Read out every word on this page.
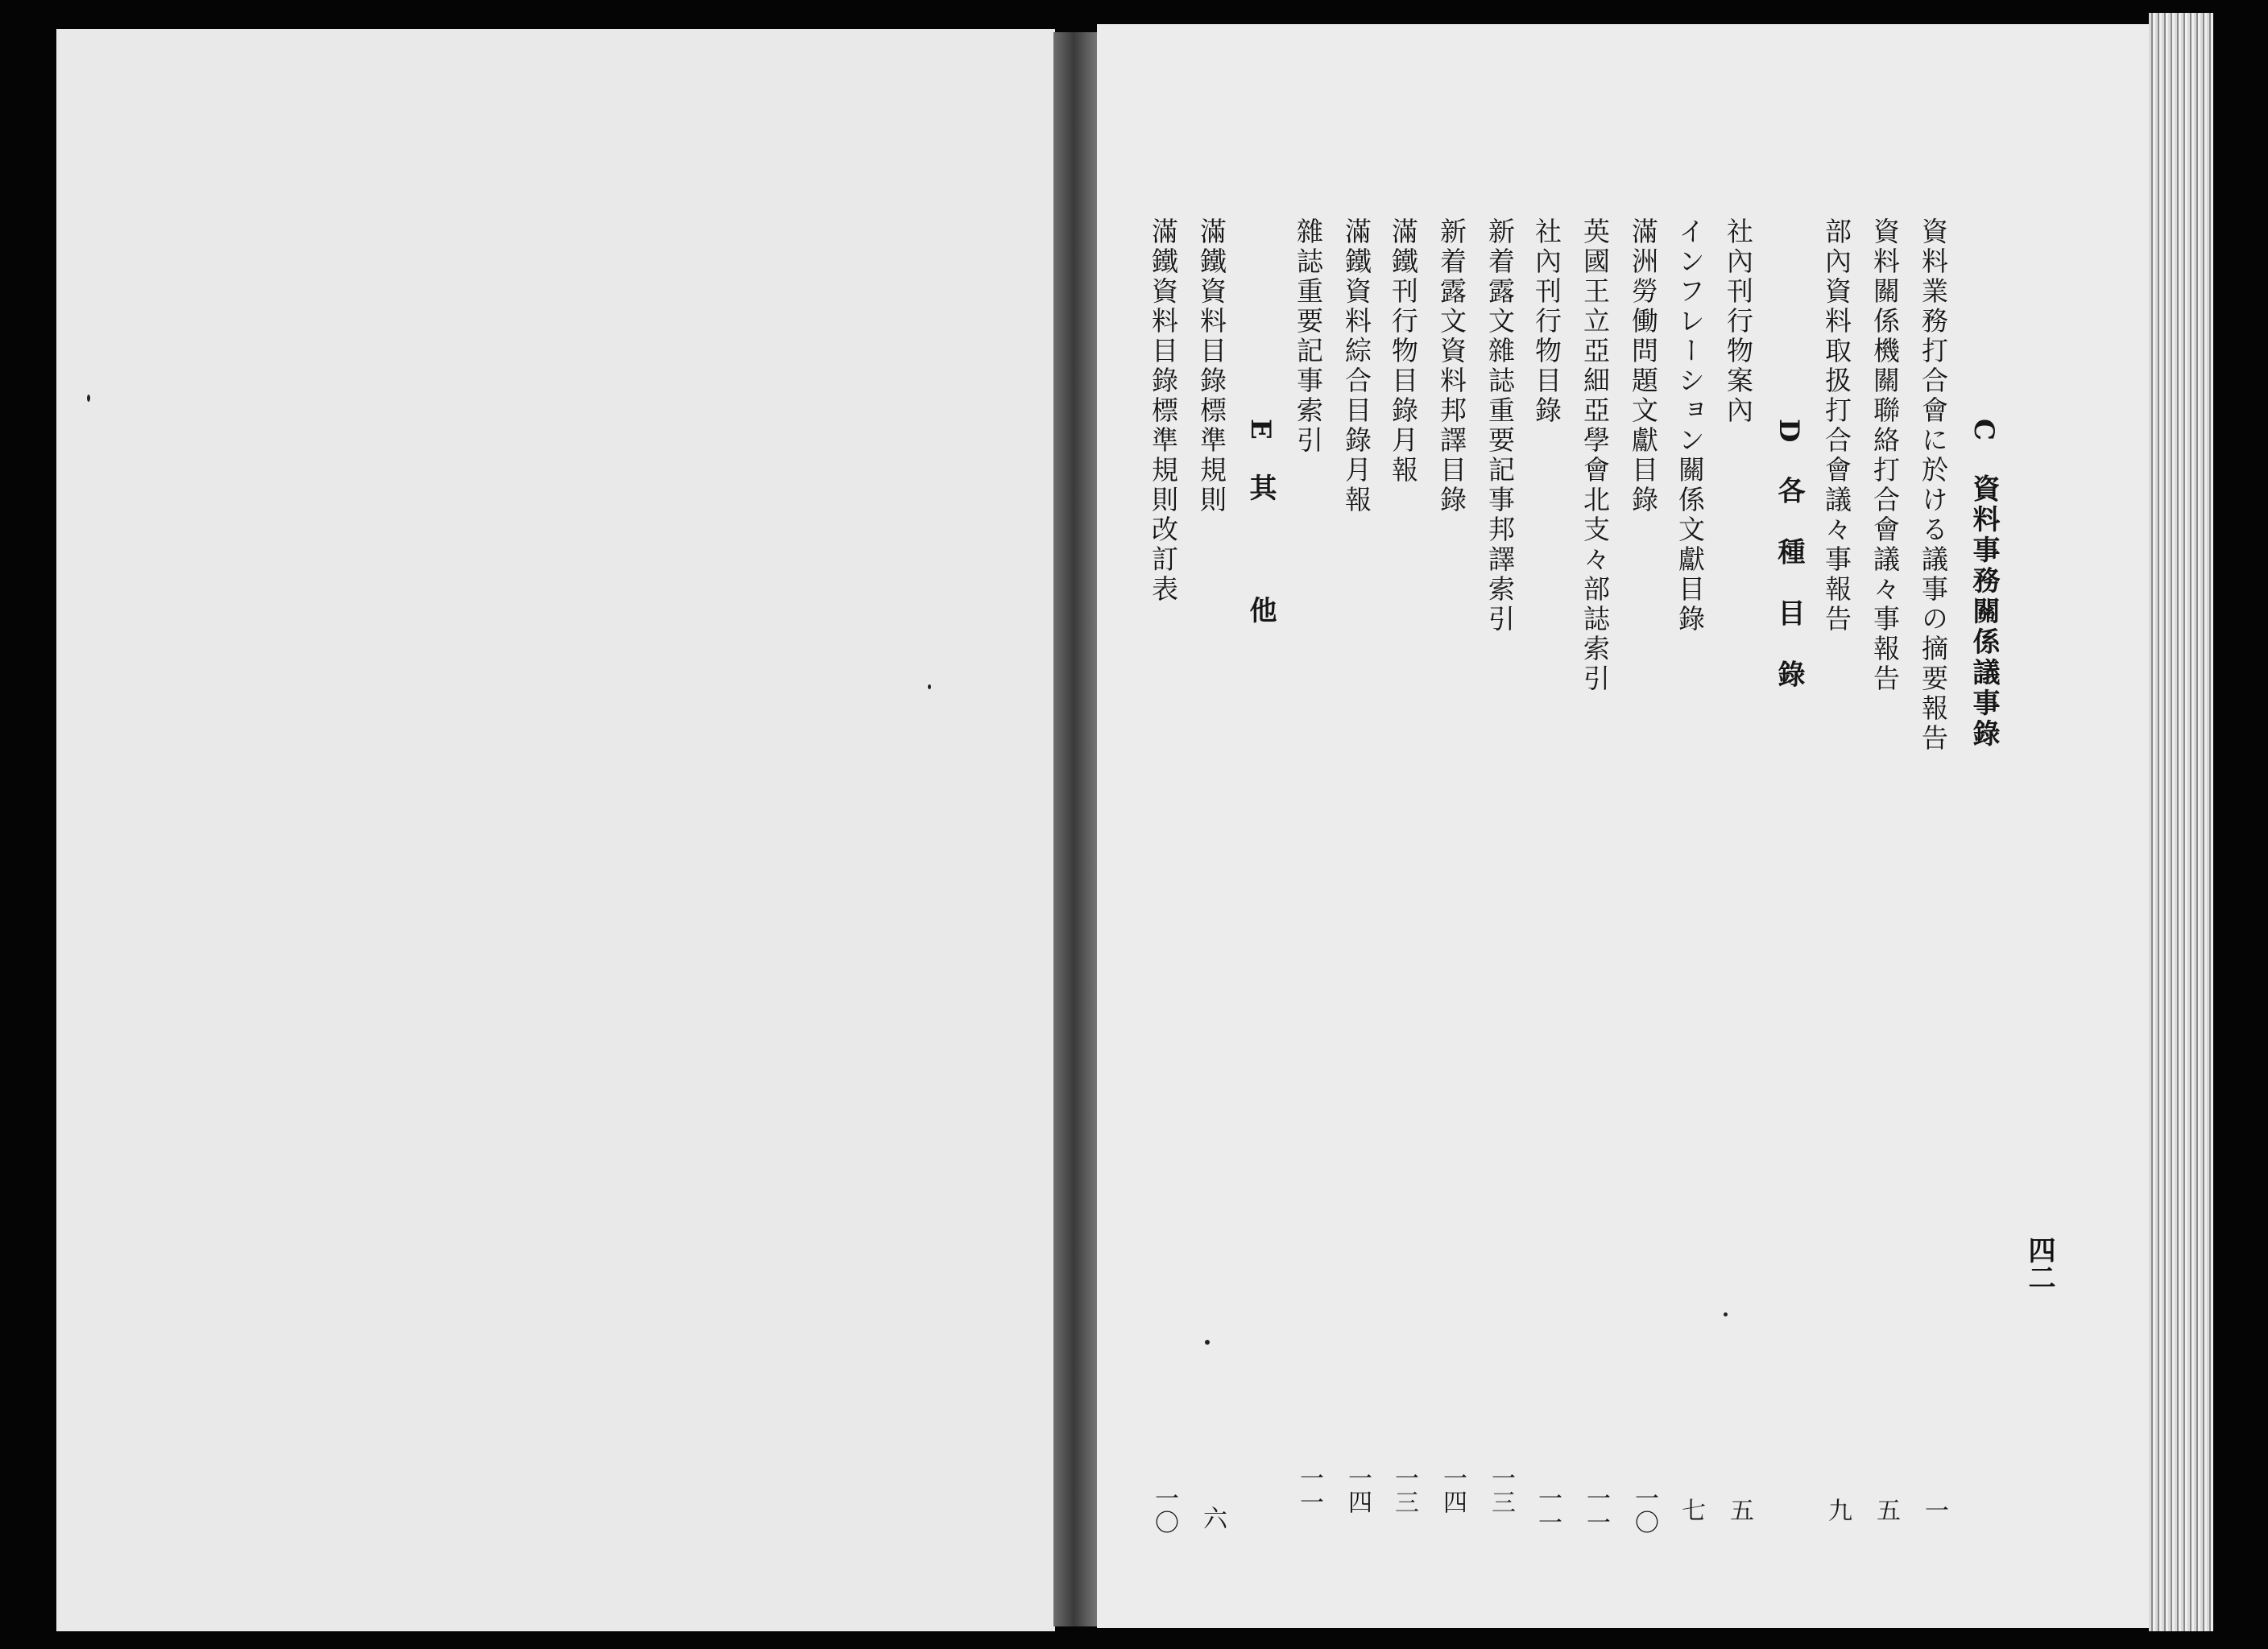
C　資料事務關係議事錄
資料業務打合會に於ける議事の摘要報告
一
資料關係機關聯絡打合會議々事報告
五
部內資料取扱打合會議々事報告
九
D　各　種　目　錄
社內刊行物案內
五
インフレーション關係文獻目錄
七
滿洲勞働問題文獻目錄
一〇
英國王立亞細亞學會北支々部誌索引
一一
社內刊行物目錄
一一
新着露文雜誌重要記事邦譯索引
一三
新着露文資料邦譯目錄
一四
滿鐵刊行物目錄月報
一三
滿鐵資料綜合目錄月報
一四
雜誌重要記事索引
一一
E　其　　　他
滿鐵資料目錄標準規則
六
滿鐵資料目錄標準規則改訂表
一〇
四二
